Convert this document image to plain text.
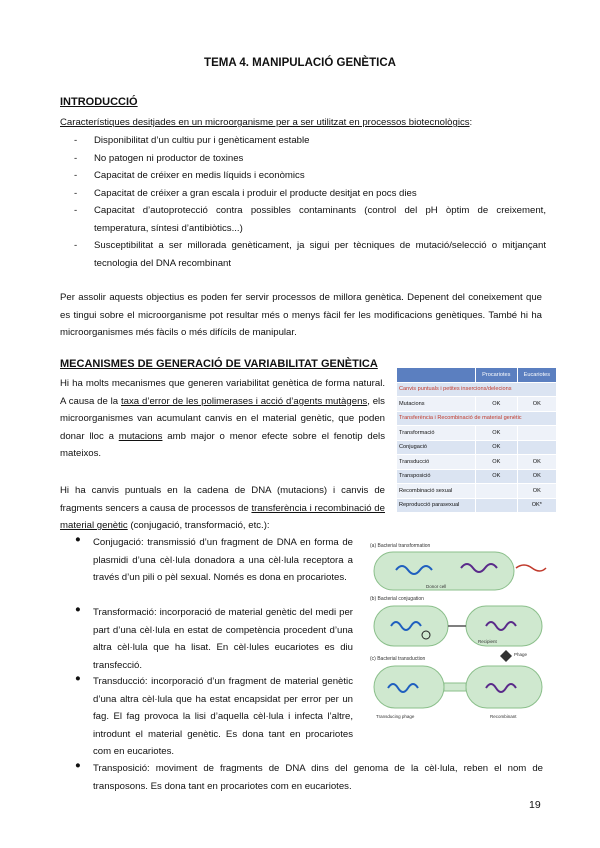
TEMA 4. MANIPULACIÓ GENÈTICA
INTRODUCCIÓ
Característiques desitjades en un microorganisme per a ser utilitzat en processos biotecnològics:
- Disponibilitat d’un cultiu pur i genèticament estable
- No patogen ni productor de toxines
- Capacitat de créixer en medis líquids i econòmics
- Capacitat de créixer a gran escala i produir el producte desitjat en pocs dies
- Capacitat d’autoprotecció contra possibles contaminants (control del pH òptim de creixement, temperatura, síntesi d’antibiòtics...)
- Susceptibilitat a ser millorada genèticament, ja sigui per tècniques de mutació/selecció o mitjançant tecnologia del DNA recombinant
Per assolir aquests objectius es poden fer servir processos de millora genètica. Depenent del coneixement que es tingui sobre el microorganisme pot resultar més o menys fàcil fer les modificacions genètiques. També hi ha microorganismes més fàcils o més difícils de manipular.
MECANISMES DE GENERACIÓ DE VARIABILITAT GENÈTICA
Hi ha molts mecanismes que generen variabilitat genètica de forma natural. A causa de la taxa d’error de les polimerases i acció d’agents mutàgens, els microorganismes van acumulant canvis en el material genètic, que poden donar lloc a mutacions amb major o menor efecte sobre el fenotip dels mateixos.
Hi ha canvis puntuals en la cadena de DNA (mutacions) i canvis de fragments sencers a causa de processos de transferència i recombinació de material genètic (conjugació, transformació, etc.):
	Procariotes	Eucariotes
Canvis puntuals i petites insercions/delecions		
Mutacions	OK	OK
Transferència i Recombinació de material genètic		
Transformació	OK	
Conjugació	OK	
Transducció	OK	OK
Transposició	OK	OK
Recombinació sexual		OK
Reproducció parasexual		OK*
(a) Bacterial transformation
Donor cell
(b) Bacterial conjugation
Recipient
(c) Bacterial transduction
Phage
Transducing phage	Recombinant
● Conjugació: transmissió d’un fragment de DNA en forma de plasmidi d’una cèl·lula donadora a una cèl·lula receptora a través d’un pili o pèl sexual. Només es dona en procariotes.
● Transformació: incorporació de material genètic del medi per part d’una cèl·lula en estat de competència procedent d’una altra cèl·lula que ha lisat. En cèl·lules eucariotes es diu transfecció.
● Transducció: incorporació d’un fragment de material genètic d’una altra cèl·lula que ha estat encapsidat per error per un fag. El fag provoca la lisi d’aquella cèl·lula i infecta l’altre, introdunt el material genètic. Es dona tant en procariotes com en eucariotes.
● Transposició: moviment de fragments de DNA dins del genoma de la cèl·lula, reben el nom de transposons. Es dona tant en procariotes com en eucariotes.
19
